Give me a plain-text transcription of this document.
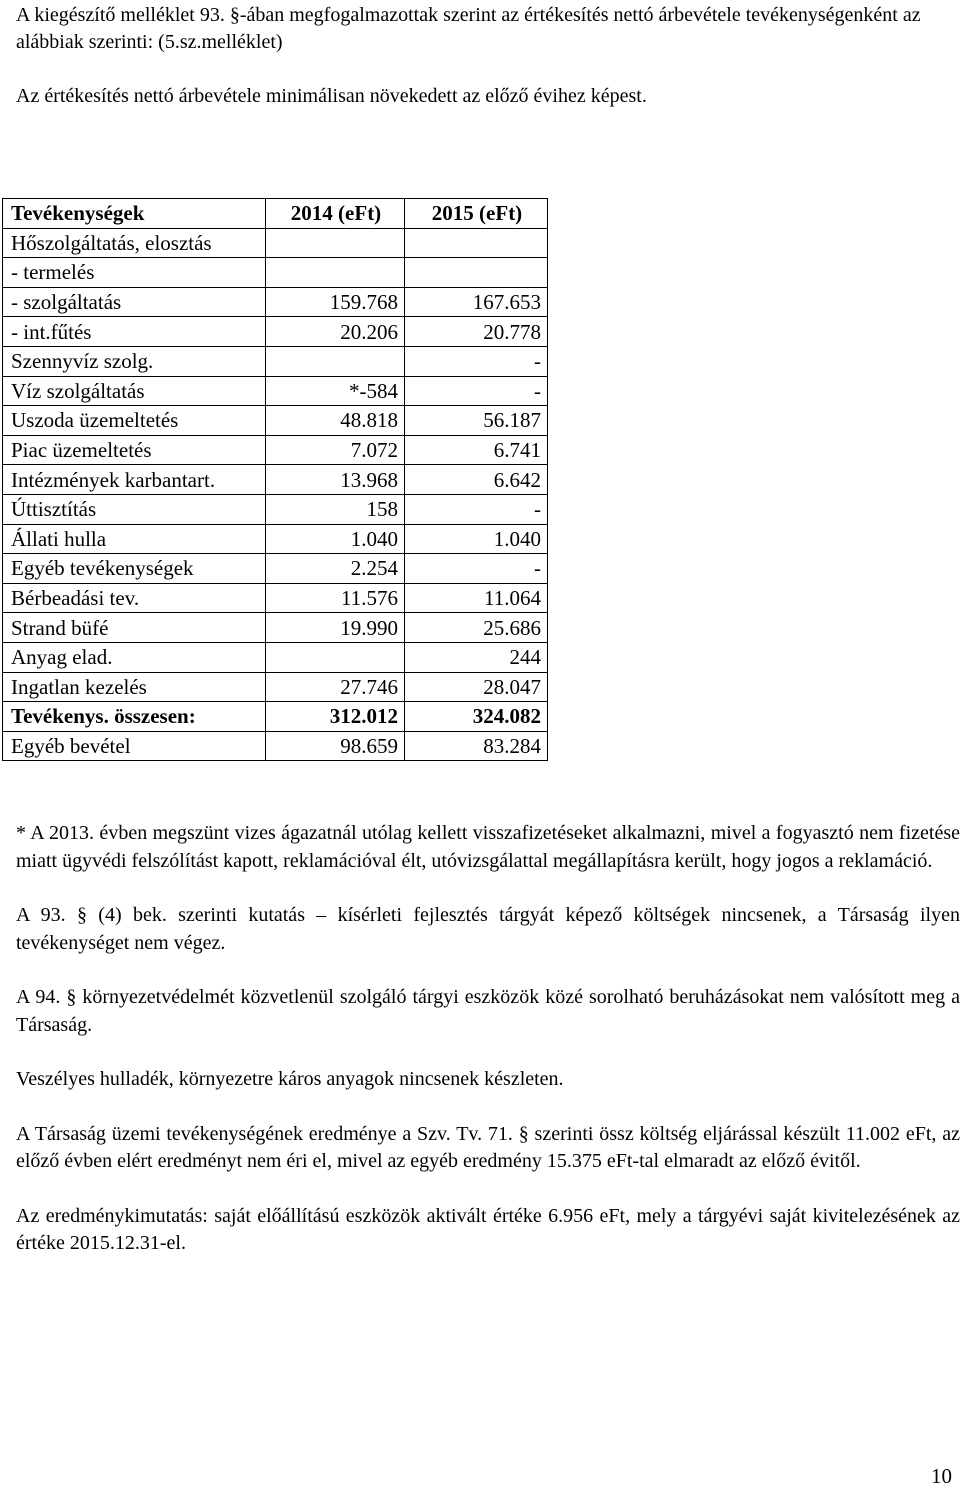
A kiegészítő melléklet 93. §-ában megfogalmazottak szerint az értékesítés nettó árbevétele tevékenységenként az alábbiak szerinti: (5.sz.melléklet)

Az értékesítés nettó árbevétele minimálisan növekedett az előző évihez képest.

Tevékenységek	2014 (eFt)	2015 (eFt)
Hőszolgáltatás, elosztás		
- termelés		
- szolgáltatás	159.768	167.653
- int.fűtés	20.206	20.778
Szennyvíz szolg.		-
Víz szolgáltatás	*-584	-
Uszoda üzemeltetés	48.818	56.187
Piac üzemeltetés	7.072	6.741
Intézmények karbantart.	13.968	6.642
Úttisztítás	158	-
Állati hulla	1.040	1.040
Egyéb tevékenységek	2.254	-
Bérbeadási tev.	11.576	11.064
Strand büfé	19.990	25.686
Anyag elad.		244
Ingatlan kezelés	27.746	28.047
Tevékenys. összesen:	312.012	324.082
Egyéb bevétel	98.659	83.284

* A 2013. évben megszünt vizes ágazatnál utólag kellett visszafizetéseket alkalmazni, mivel a fogyasztó nem fizetése miatt ügyvédi felszólítást kapott, reklamációval élt, utóvizsgálattal megállapításra került, hogy jogos a reklamáció.

A 93. § (4) bek. szerinti kutatás – kísérleti fejlesztés tárgyát képező költségek nincsenek, a Társaság ilyen tevékenységet nem végez.

A 94. § környezetvédelmét közvetlenül szolgáló tárgyi eszközök közé sorolható beruházásokat nem valósított meg a Társaság.

Veszélyes hulladék, környezetre káros anyagok nincsenek készleten.

A Társaság üzemi tevékenységének eredménye a Szv. Tv. 71. § szerinti össz költség eljárással készült 11.002 eFt, az előző évben elért eredményt nem éri el, mivel az egyéb eredmény 15.375 eFt-tal elmaradt az előző évitől.

Az eredménykimutatás: saját előállítású eszközök aktivált értéke 6.956 eFt, mely a tárgyévi saját kivitelezésének az értéke 2015.12.31-el.

10
